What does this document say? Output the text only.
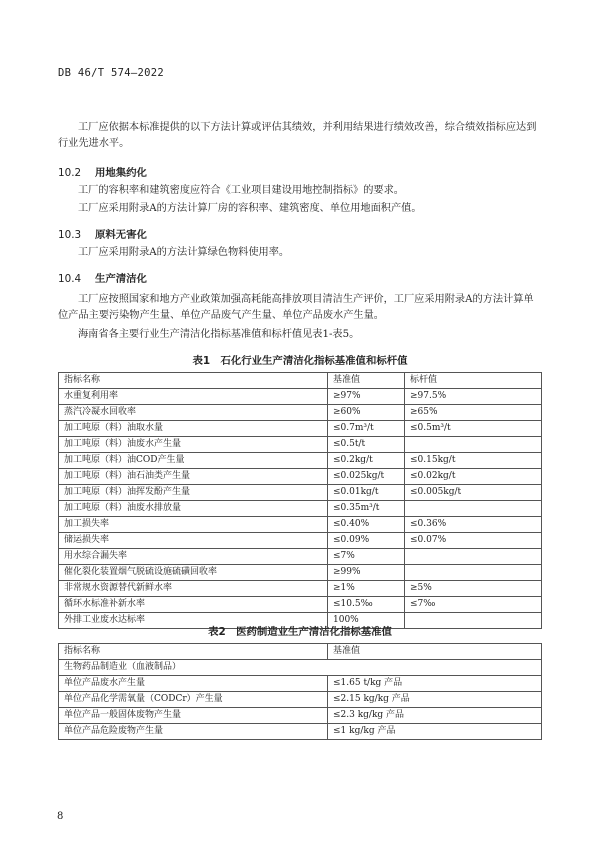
DB 46/T 574—2022
工厂应依据本标准提供的以下方法计算或评估其绩效，并利用结果进行绩效改善，综合绩效指标应达到行业先进水平。
10.2 用地集约化
工厂的容积率和建筑密度应符合《工业项目建设用地控制指标》的要求。
工厂应采用附录A的方法计算厂房的容积率、建筑密度、单位用地面积产值。
10.3 原料无害化
工厂应采用附录A的方法计算绿色物料使用率。
10.4 生产清洁化
工厂应按照国家和地方产业政策加强高耗能高排放项目清洁生产评价，工厂应采用附录A的方法计算单位产品主要污染物产生量、单位产品废气产生量、单位产品废水产生量。
海南省各主要行业生产清洁化指标基准值和标杆值见表1-表5。
表1　石化行业生产清洁化指标基准值和标杆值
指标名称	基准值	标杆值
水重复利用率	≥97%	≥97.5%
蒸汽冷凝水回收率	≥60%	≥65%
加工吨原（料）油取水量	≤0.7m³/t	≤0.5m³/t
加工吨原（料）油废水产生量	≤0.5t/t	
加工吨原（料）油COD产生量	≤0.2kg/t	≤0.15kg/t
加工吨原（料）油石油类产生量	≤0.025kg/t	≤0.02kg/t
加工吨原（料）油挥发酚产生量	≤0.01kg/t	≤0.005kg/t
加工吨原（料）油废水排放量	≤0.35m³/t	
加工损失率	≤0.40%	≤0.36%
储运损失率	≤0.09%	≤0.07%
用水综合漏失率	≤7%	
催化裂化装置烟气脱硫设施硫磺回收率	≥99%	
非常规水资源替代新鲜水率	≥1%	≥5%
循环水标准补新水率	≤10.5‰	≤7‰
外排工业废水达标率	100%	
表2　医药制造业生产清洁化指标基准值
指标名称	基准值
生物药品制造业（血液制品）	
单位产品废水产生量	≤1.65 t/kg 产品
单位产品化学需氧量（CODCr）产生量	≤2.15 kg/kg 产品
单位产品一般固体废物产生量	≤2.3 kg/kg 产品
单位产品危险废物产生量	≤1 kg/kg 产品
8
